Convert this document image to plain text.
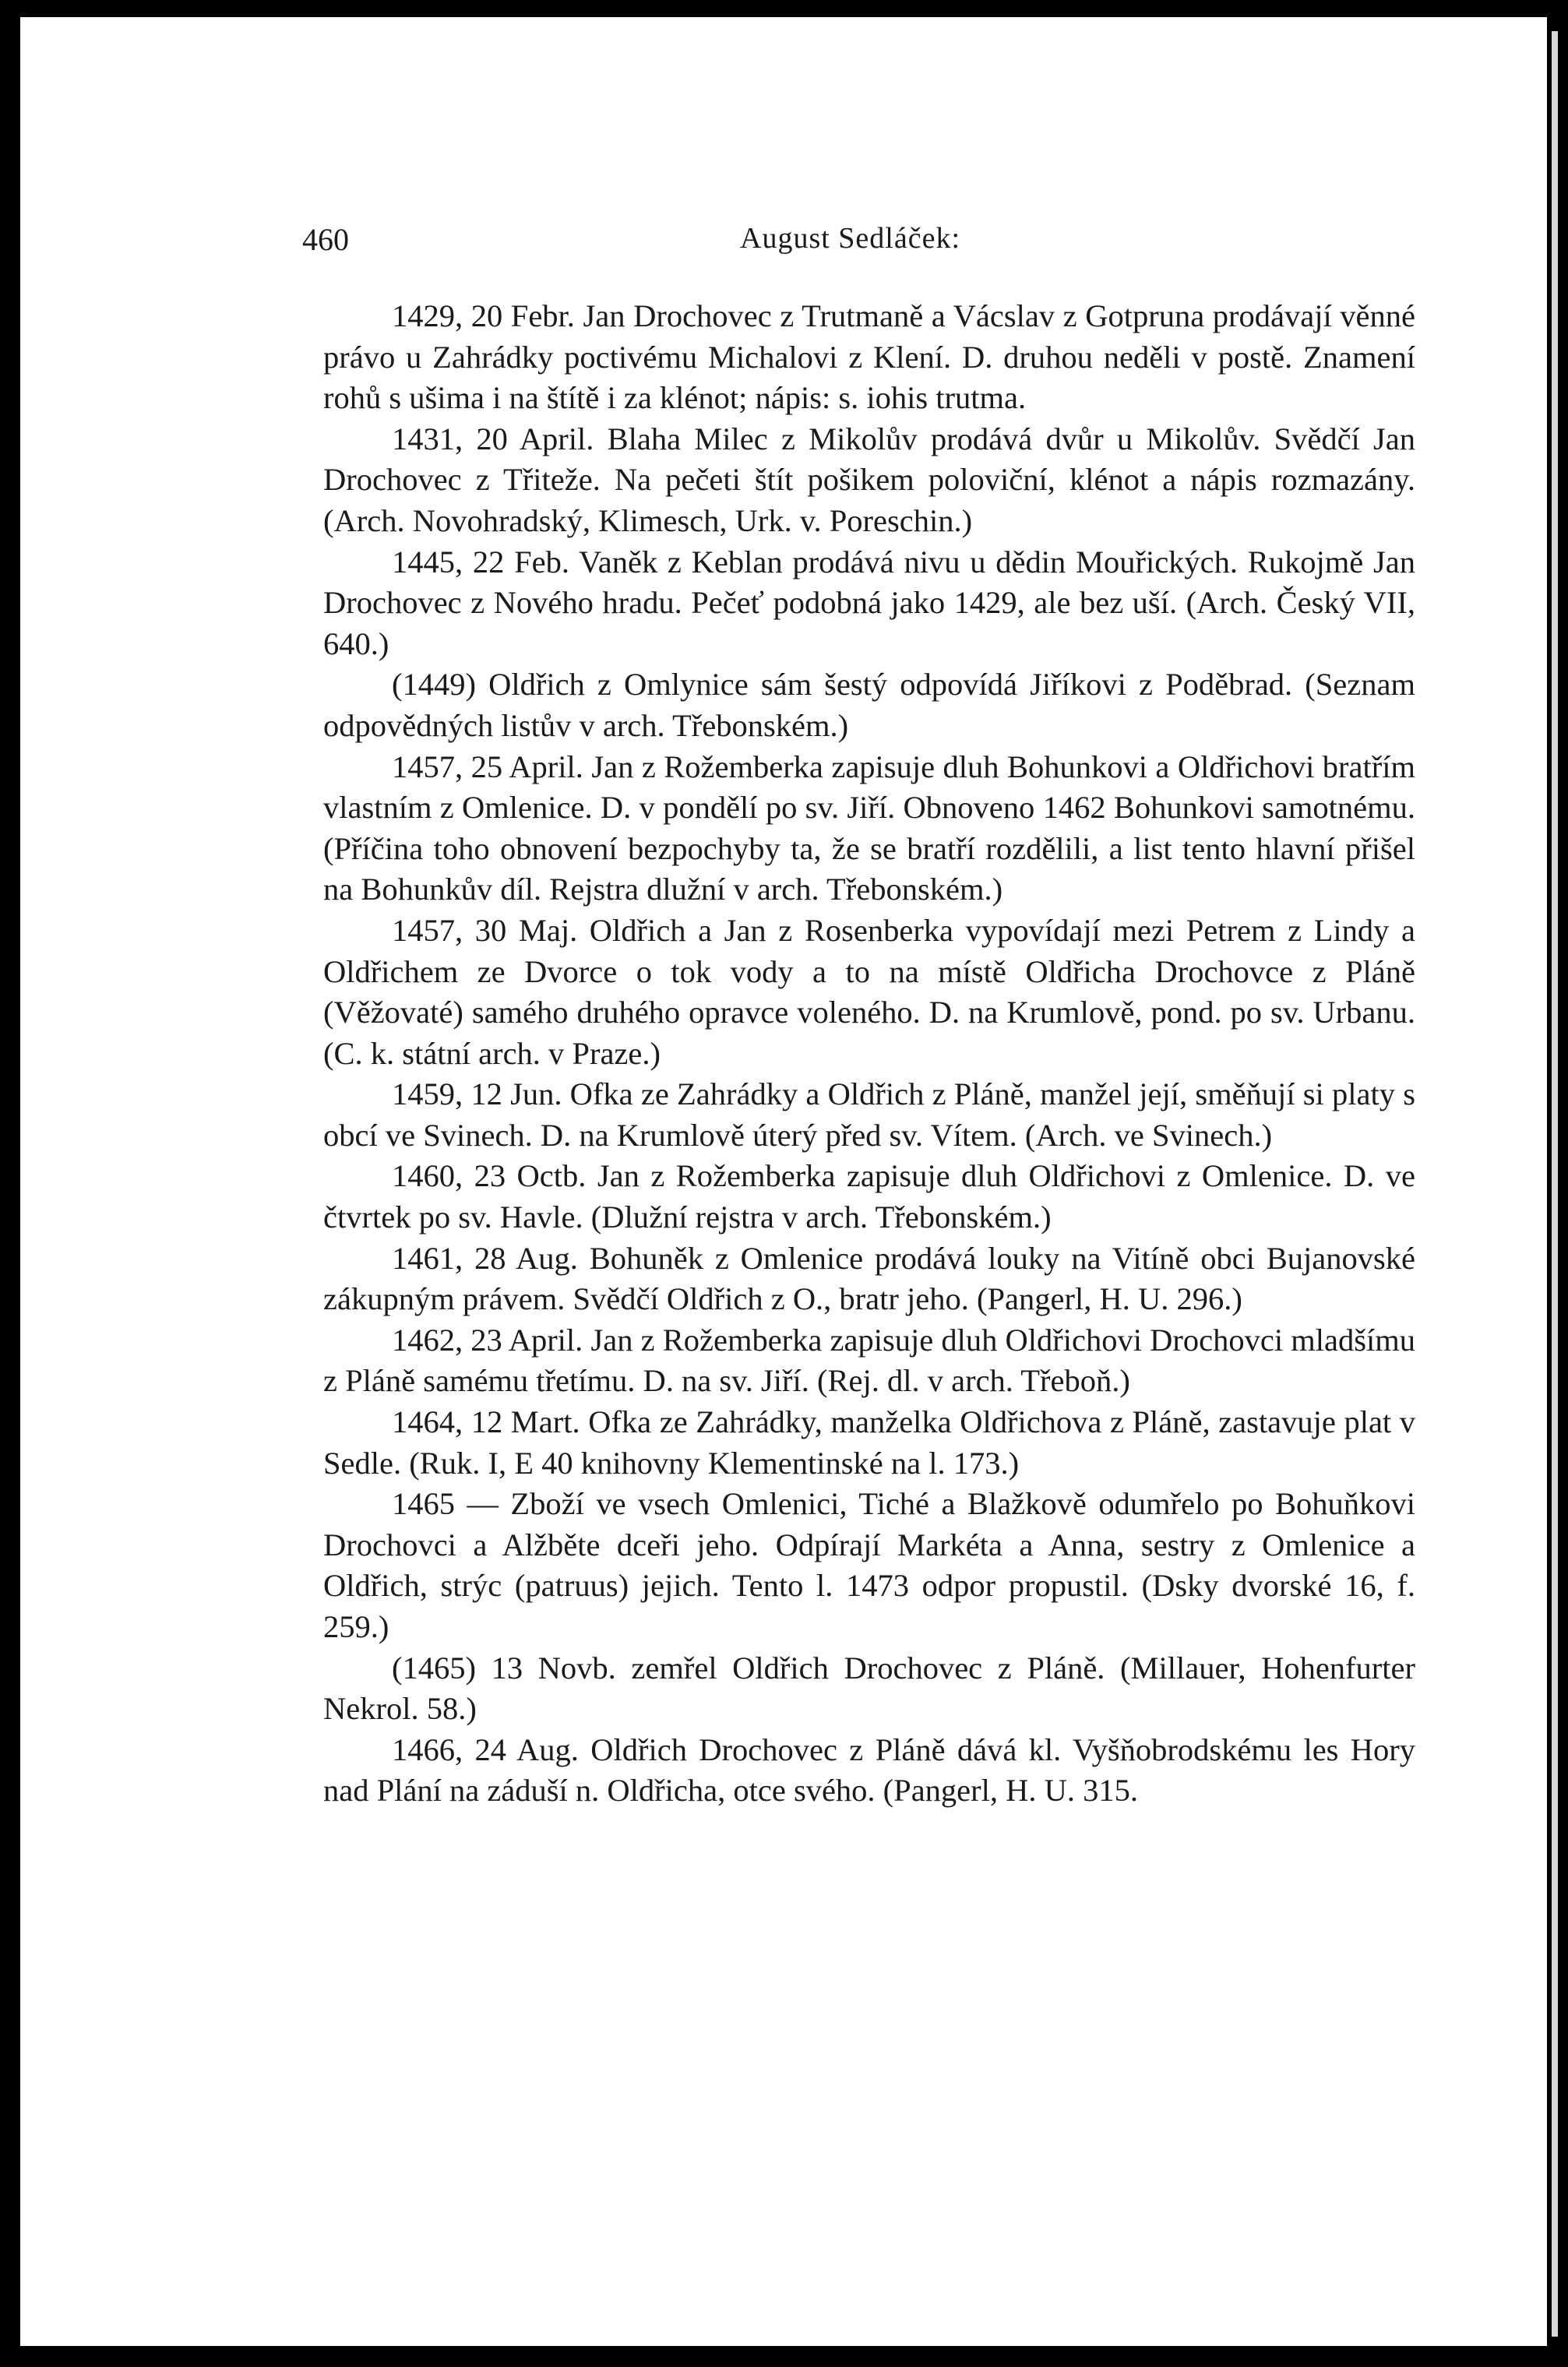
460	August Sedláček:

1429, 20 Febr. Jan Drochovec z Trutmaně a Vácslav z Gotpruna prodávají věnné právo u Zahrádky poctivému Michalovi z Klení. D. druhou neděli v postě. Znamení rohů s ušima i na štítě i za klénot; nápis: s. iohis trutma.

1431, 20 April. Blaha Milec z Mikolův prodává dvůr u Mikolův. Svědčí Jan Drochovec z Třiteže. Na pečeti štít pošikem poloviční, klénot a nápis rozmazány. (Arch. Novohradský, Klimesch, Urk. v. Poreschin.)

1445, 22 Feb. Vaněk z Keblan prodává nivu u dědin Mouřických. Rukojmě Jan Drochovec z Nového hradu. Pečeť podobná jako 1429, ale bez uší. (Arch. Český VII, 640.)

(1449) Oldřich z Omlynice sám šestý odpovídá Jiříkovi z Poděbrad. (Seznam odpovědných listův v arch. Třebonském.)

1457, 25 April. Jan z Rožemberka zapisuje dluh Bohunkovi a Oldřichovi bratřím vlastním z Omlenice. D. v pondělí po sv. Jiří. Obnoveno 1462 Bohunkovi samotnému. (Příčina toho obnovení bezpochyby ta, že se bratří rozdělili, a list tento hlavní přišel na Bohunkův díl. Rejstra dlužní v arch. Třebonském.)

1457, 30 Maj. Oldřich a Jan z Rosenberka vypovídají mezi Petrem z Lindy a Oldřichem ze Dvorce o tok vody a to na místě Oldřicha Drochovce z Pláně (Věžovaté) samého druhého opravce voleného. D. na Krumlově, pond. po sv. Urbanu. (C. k. státní arch. v Praze.)

1459, 12 Jun. Ofka ze Zahrádky a Oldřich z Pláně, manžel její, směňují si platy s obcí ve Svinech. D. na Krumlově úterý před sv. Vítem. (Arch. ve Svinech.)

1460, 23 Octb. Jan z Rožemberka zapisuje dluh Oldřichovi z Omlenice. D. ve čtvrtek po sv. Havle. (Dlužní rejstra v arch. Třebonském.)

1461, 28 Aug. Bohuněk z Omlenice prodává louky na Vitíně obci Bujanovské zákupným právem. Svědčí Oldřich z O., bratr jeho. (Pangerl, H. U. 296.)

1462, 23 April. Jan z Rožemberka zapisuje dluh Oldřichovi Drochovci mladšímu z Pláně samému třetímu. D. na sv. Jiří. (Rej. dl. v arch. Třeboň.)

1464, 12 Mart. Ofka ze Zahrádky, manželka Oldřichova z Pláně, zastavuje plat v Sedle. (Ruk. I, E 40 knihovny Klementinské na l. 173.)

1465 — Zboží ve vsech Omlenici, Tiché a Blažkově odumřelo po Bohuňkovi Drochovci a Alžběte dceři jeho. Odpírají Markéta a Anna, sestry z Omlenice a Oldřich, strýc (patruus) jejich. Tento l. 1473 odpor propustil. (Dsky dvorské 16, f. 259.)

(1465) 13 Novb. zemřel Oldřich Drochovec z Pláně. (Millauer, Hohenfurter Nekrol. 58.)

1466, 24 Aug. Oldřich Drochovec z Pláně dává kl. Vyšňobrodskému les Hory nad Plání na záduší n. Oldřicha, otce svého. (Pangerl, H. U. 315.
